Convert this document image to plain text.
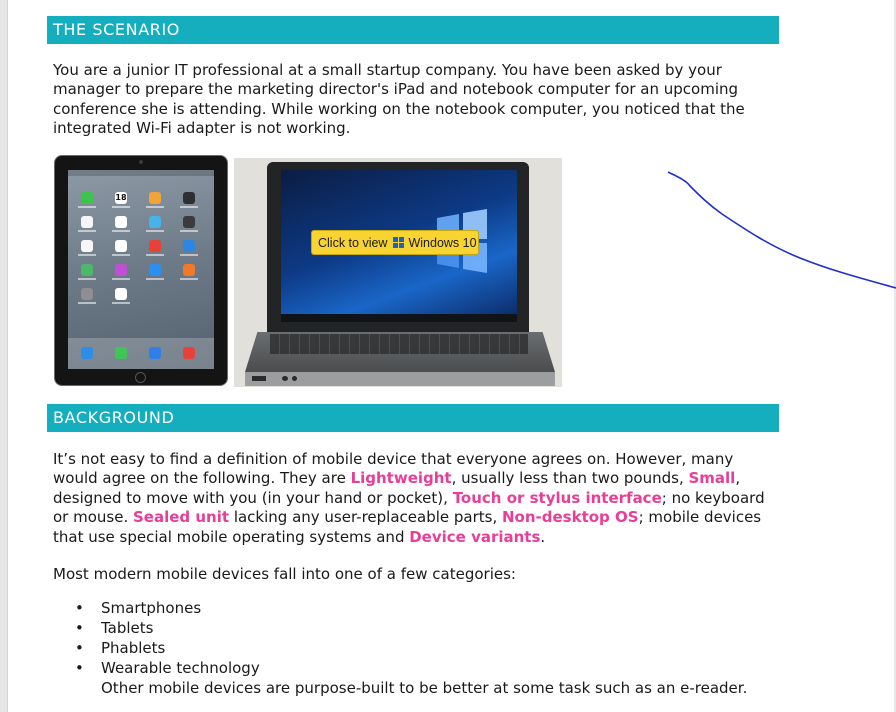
THE SCENARIO
You are a junior IT professional at a small startup company. You have been asked by your manager to prepare the marketing director's iPad and notebook computer for an upcoming conference she is attending. While working on the notebook computer, you noticed that the integrated Wi-Fi adapter is not working.
18
Click to view Windows 10
BACKGROUND
It’s not easy to find a definition of mobile device that everyone agrees on. However, many would agree on the following. They are Lightweight, usually less than two pounds, Small, designed to move with you (in your hand or pocket), Touch or stylus interface; no keyboard or mouse. Sealed unit lacking any user-replaceable parts, Non-desktop OS; mobile devices that use special mobile operating systems and Device variants.
Most modern mobile devices fall into one of a few categories:
• Smartphones
• Tablets
• Phablets
• Wearable technology
Other mobile devices are purpose-built to be better at some task such as an e-reader.
